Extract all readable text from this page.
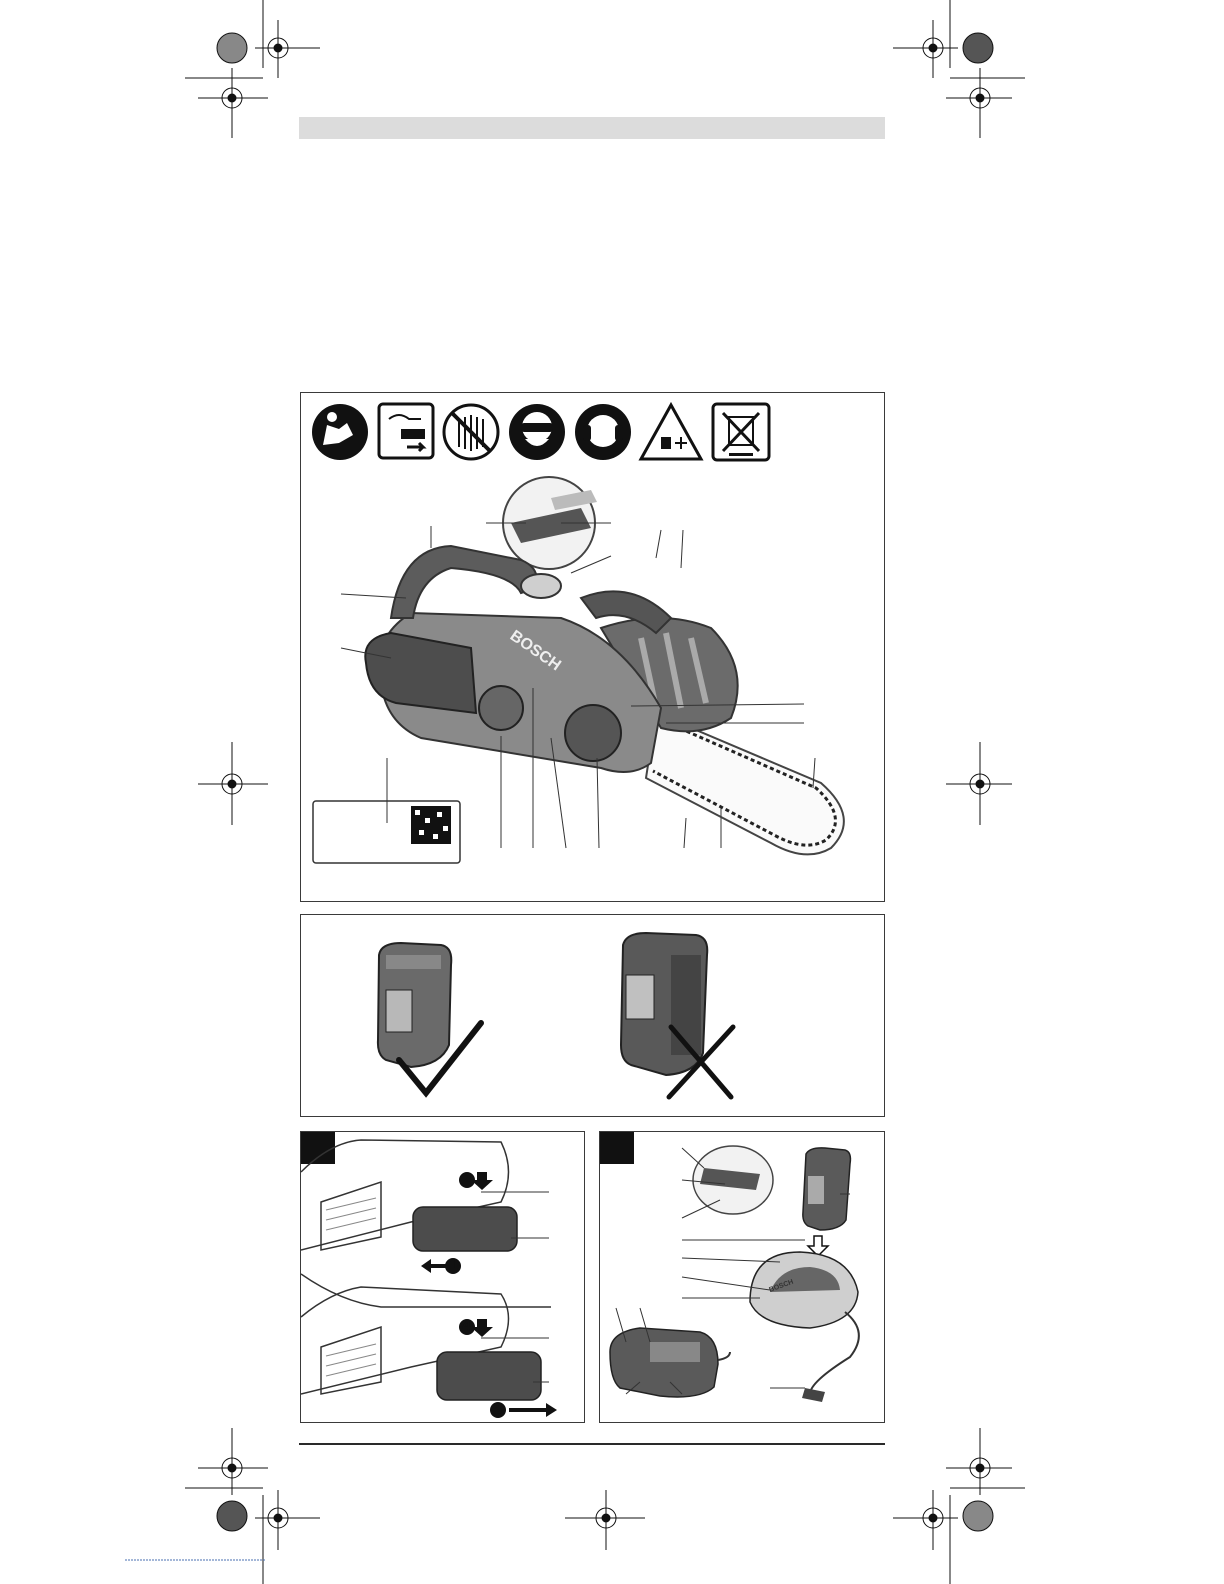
BOSCH
2
1
4
3
BOSCH
